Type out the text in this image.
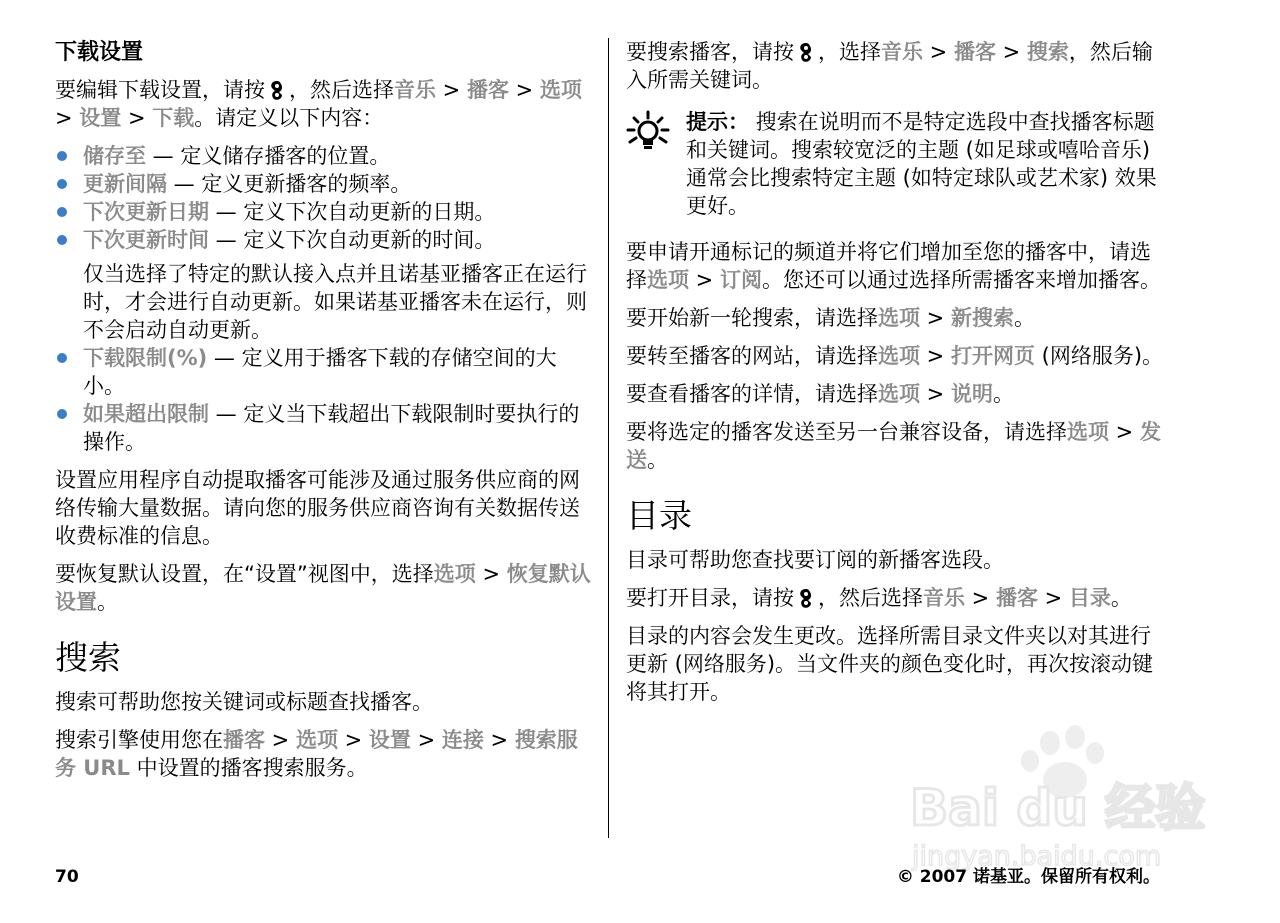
下载设置

要编辑下载设置，请按 ，然后选择音乐 > 播客 > 选项 > 设置 > 下载。请定义以下内容：

储存至 — 定义储存播客的位置。
更新间隔 — 定义更新播客的频率。
下次更新日期 — 定义下次自动更新的日期。
下次更新时间 — 定义下次自动更新的时间。
仅当选择了特定的默认接入点并且诺基亚播客正在运行时，才会进行自动更新。如果诺基亚播客未在运行，则不会启动自动更新。
下载限制(%) — 定义用于播客下载的存储空间的大小。
如果超出限制 — 定义当下载超出下载限制时要执行的操作。

设置应用程序自动提取播客可能涉及通过服务供应商的网络传输大量数据。请向您的服务供应商咨询有关数据传送收费标准的信息。

要恢复默认设置，在“设置”视图中，选择选项 > 恢复默认设置。

搜索

搜索可帮助您按关键词或标题查找播客。

搜索引擎使用您在播客 > 选项 > 设置 > 连接 > 搜索服务 URL 中设置的播客搜索服务。

要搜索播客，请按 ，选择音乐 > 播客 > 搜索，然后输入所需关键词。

提示： 搜索在说明而不是特定选段中查找播客标题和关键词。搜索较宽泛的主题 (如足球或嘻哈音乐) 通常会比搜索特定主题 (如特定球队或艺术家) 效果更好。

要申请开通标记的频道并将它们增加至您的播客中，请选择选项 > 订阅。您还可以通过选择所需播客来增加播客。

要开始新一轮搜索，请选择选项 > 新搜索。

要转至播客的网站，请选择选项 > 打开网页 (网络服务)。

要查看播客的详情，请选择选项 > 说明。

要将选定的播客发送至另一台兼容设备，请选择选项 > 发送。

目录

目录可帮助您查找要订阅的新播客选段。

要打开目录，请按 ，然后选择音乐 > 播客 > 目录。

目录的内容会发生更改。选择所需目录文件夹以对其进行更新 (网络服务)。当文件夹的颜色变化时，再次按滚动键将其打开。

Bai du 经验
jingyan.baidu.com
70	© 2007 诺基亚。保留所有权利。
